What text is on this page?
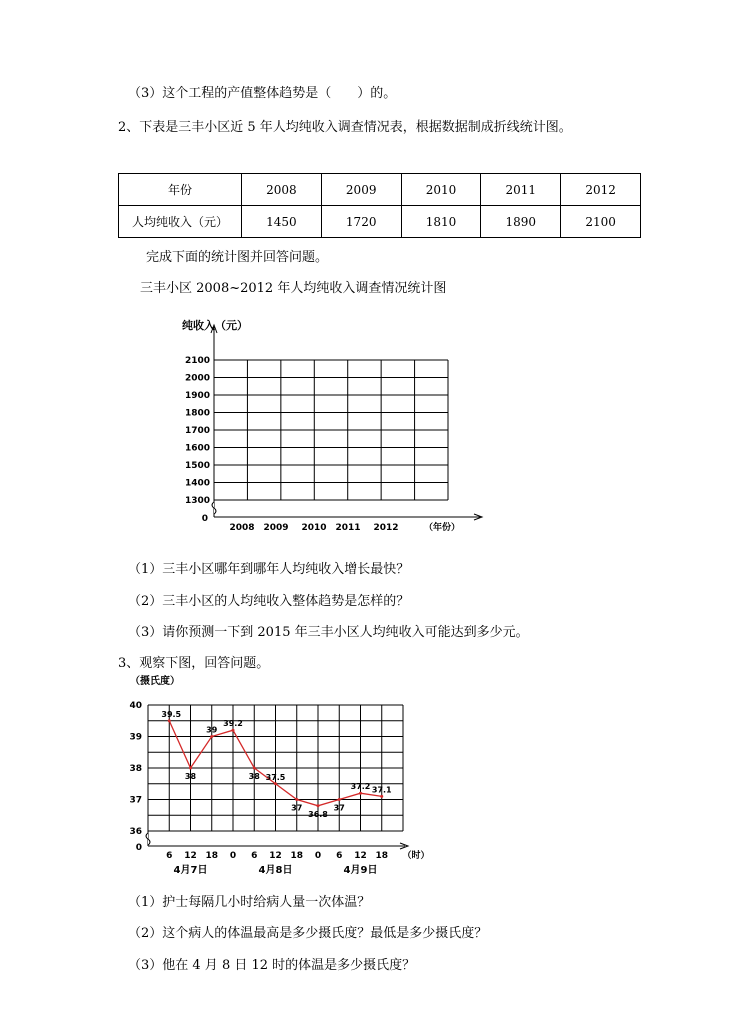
（3）这个工程的产值整体趋势是（　　）的。
2、下表是三丰小区近 5 年人均纯收入调查情况表，根据数据制成折线统计图。
年份	2008	2009	2010	2011	2012
人均纯收入（元）	1450	1720	1810	1890	2100
完成下面的统计图并回答问题。
三丰小区 2008~2012 年人均纯收入调查情况统计图
纯收入（元）
0
1300
1400
1500
1600
1700
1800
1900
2000
2100
2008 2009 2010 2011 2012	（年份）
（1）三丰小区哪年到哪年人均纯收入增长最快？
（2）三丰小区的人均纯收入整体趋势是怎样的？
（3）请你预测一下到 2015 年三丰小区人均纯收入可能达到多少元。
3、观察下图，回答问题。
（摄氏度）
0
36
37
38
39
40
6 12 18 0 6 12 18 0 6 12 18 （时）
4月7日	4月8日	4月9日
39.5
38
39
39.2
38 37.5
37
36.8
37
37.2 37.1
（1）护士每隔几小时给病人量一次体温？
（2）这个病人的体温最高是多少摄氏度？最低是多少摄氏度？
（3）他在 4 月 8 日 12 时的体温是多少摄氏度？
